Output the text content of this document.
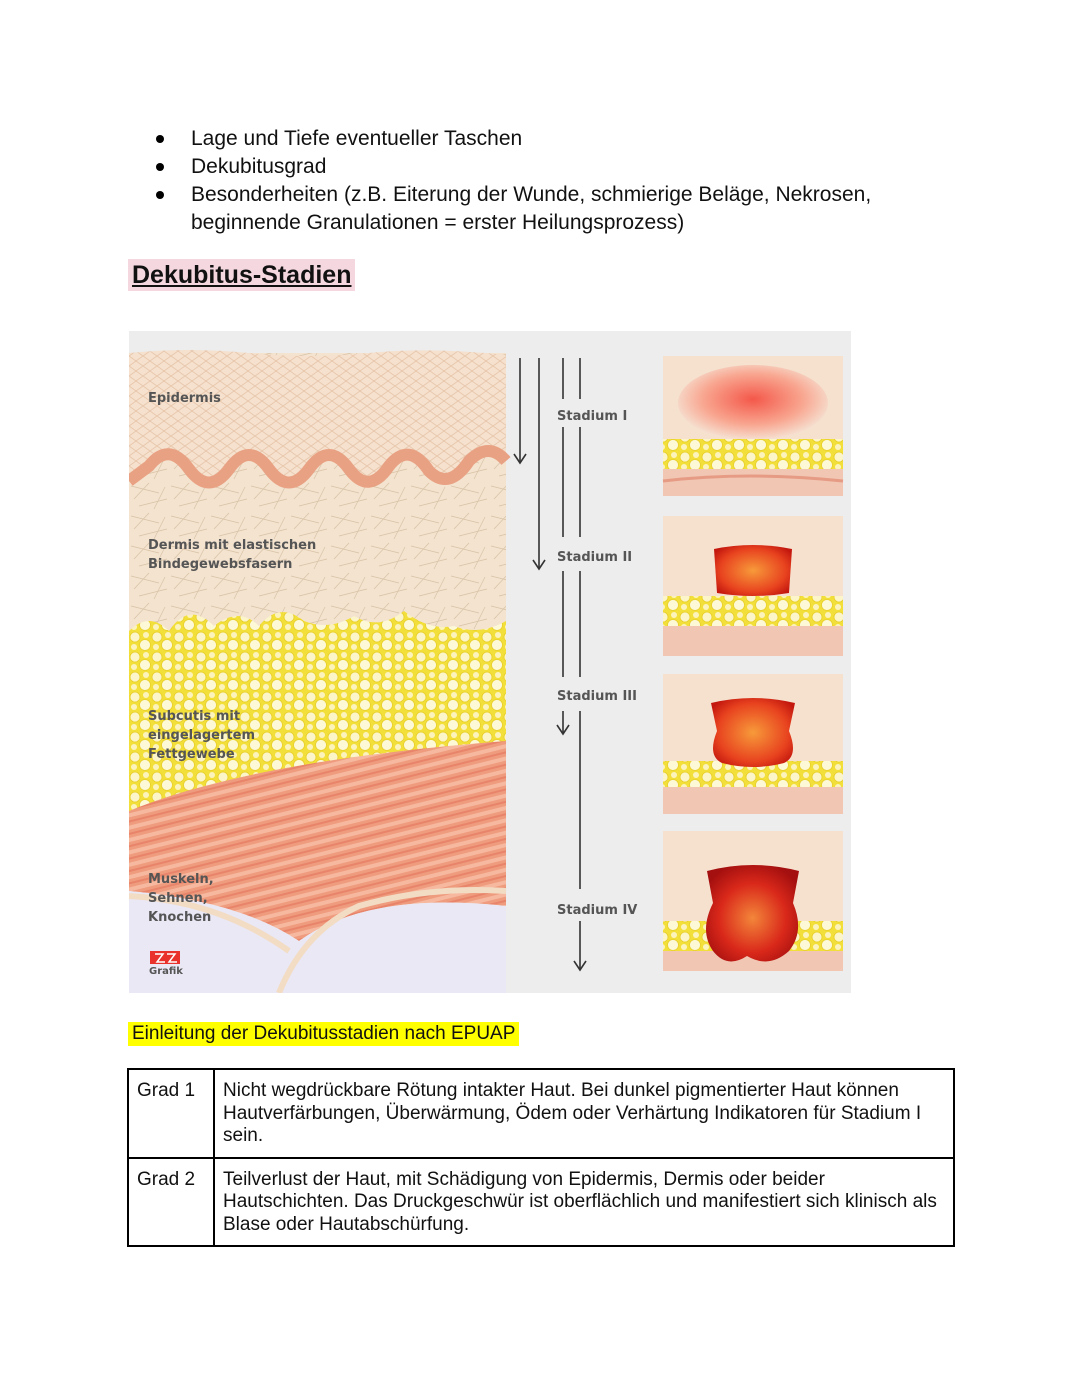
Lage und Tiefe eventueller Taschen
Dekubitusgrad
Besonderheiten (z.B. Eiterung der Wunde, schmierige Beläge, Nekrosen, beginnende Granulationen = erster Heilungsprozess)
Dekubitus-Stadien
Epidermis
Dermis mit elastischen
Bindegewebsfasern
Subcutis mit
eingelagertem
Fettgewebe
Muskeln,
Sehnen,
Knochen
Grafik
Stadium I
Stadium II
Stadium III
Stadium IV
Einleitung der Dekubitusstadien nach EPUAP
Grad 1	Nicht wegdrückbare Rötung intakter Haut. Bei dunkel pigmentierter Haut können Hautverfärbungen, Überwärmung, Ödem oder Verhärtung Indikatoren für Stadium I sein.
Grad 2	Teilverlust der Haut, mit Schädigung von Epidermis, Dermis oder beider Hautschichten. Das Druckgeschwür ist oberflächlich und manifestiert sich klinisch als Blase oder Hautabschürfung.
